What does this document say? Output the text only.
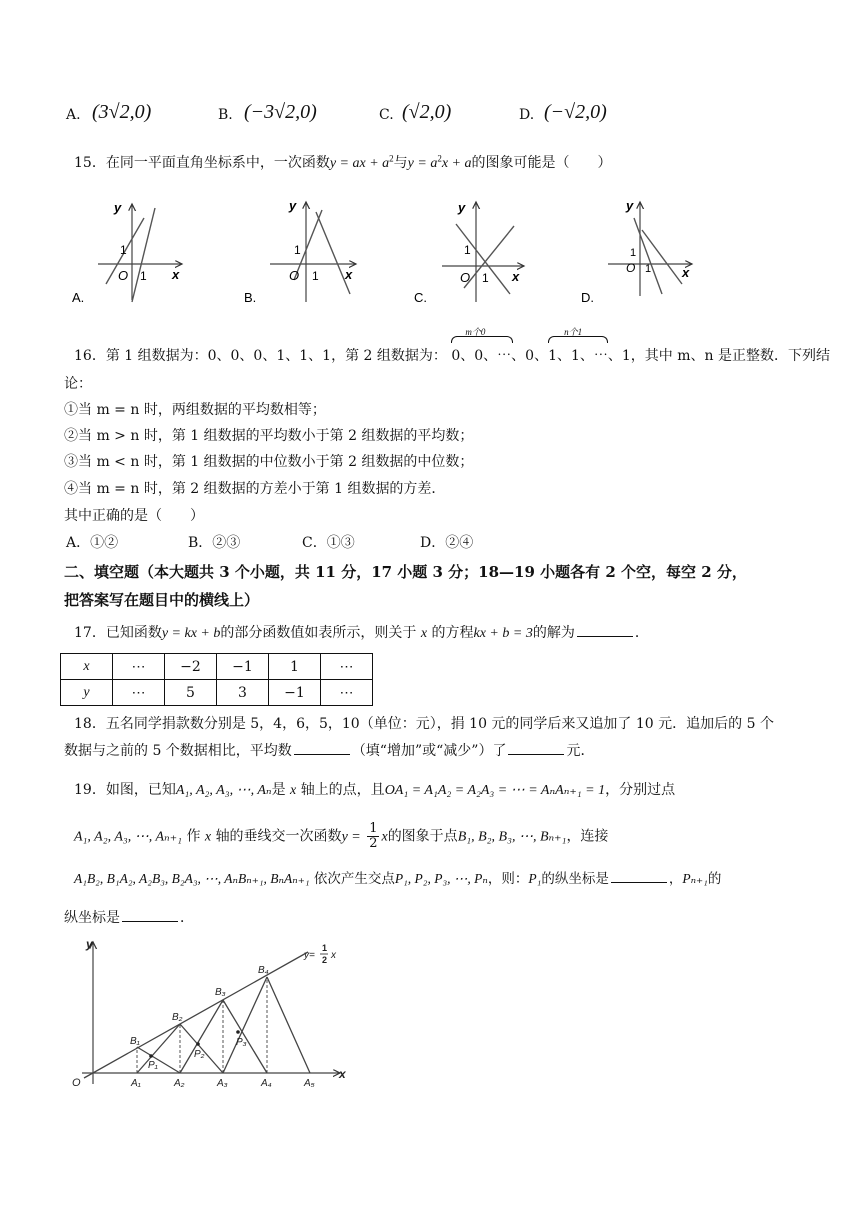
A. (3√2,0)	B. (−3√2,0)	C. (√2,0)	D. (−√2,0)
15．在同一平面直角坐标系中，一次函数y = ax + $a^2$与$y = a^2x + a$的图象可能是（　　）
y
x
O
1
1
A.
y
x
O
1
1
B.
y
x
O
1
1
C.
y
x
O
1
1
D.
16．第 1 组数据为：0、0、0、1、1、1，第 2 组数据为：
m个0
0、0、⋯、0、
n个1
1、1、⋯、1，其中 m、n 是正整数．下列结
论：
①当 m = n 时，两组数据的平均数相等；
②当 m > n 时，第 1 组数据的平均数小于第 2 组数据的平均数；
③当 m < n 时，第 1 组数据的中位数小于第 2 组数据的中位数；
④当 m = n 时，第 2 组数据的方差小于第 1 组数据的方差．
其中正确的是（　　）
A．①②	B．②③	C．①③	D．②④
二、填空题（本大题共 3 个小题，共 11 分，17 小题 3 分；18—19 小题各有 2 个空，每空 2 分，
把答案写在题目中的横线上）
17．已知函数y = kx + b的部分函数值如表所示，则关于 x 的方程kx + b = 3的解为	．
x	⋯	−2	−1	1	⋯
y	⋯	5	3	−1	⋯
18．五名同学捐款数分别是 5，4，6，5，10（单位：元），捐 10 元的同学后来又追加了 10 元．追加后的 5 个
数据与之前的 5 个数据相比，平均数	（填“增加”或“减少”）了	元．
19．如图，已知A₁, A₂, A₃, ⋯, Aₙ是 x 轴上的点，且OA₁ = A₁A₂ = A₂A₃ = ⋯ = AₙAₙ₊₁ = 1，分别过点
A₁, A₂, A₃, ⋯, Aₙ₊₁ 作 x 轴的垂线交一次函数$y = \frac{1}{2}$ x的图象于点B₁, B₂, B₃, ⋯, Bₙ₊₁，连接
A₁B₂, B₁A₂, A₂B₃, B₂A₃, ⋯, AₙBₙ₊₁, BₙAₙ₊₁ 依次产生交点P₁, P₂, P₃, ⋯, Pₙ，则：P₁的纵坐标是	，Pₙ₊₁的
纵坐标是	．
y
x
O
y=
1
2 x
A₁	A₂	A₃	A₄	A₅
B₁
B₂
B₃
B₄
P₁
P₂
P₃
